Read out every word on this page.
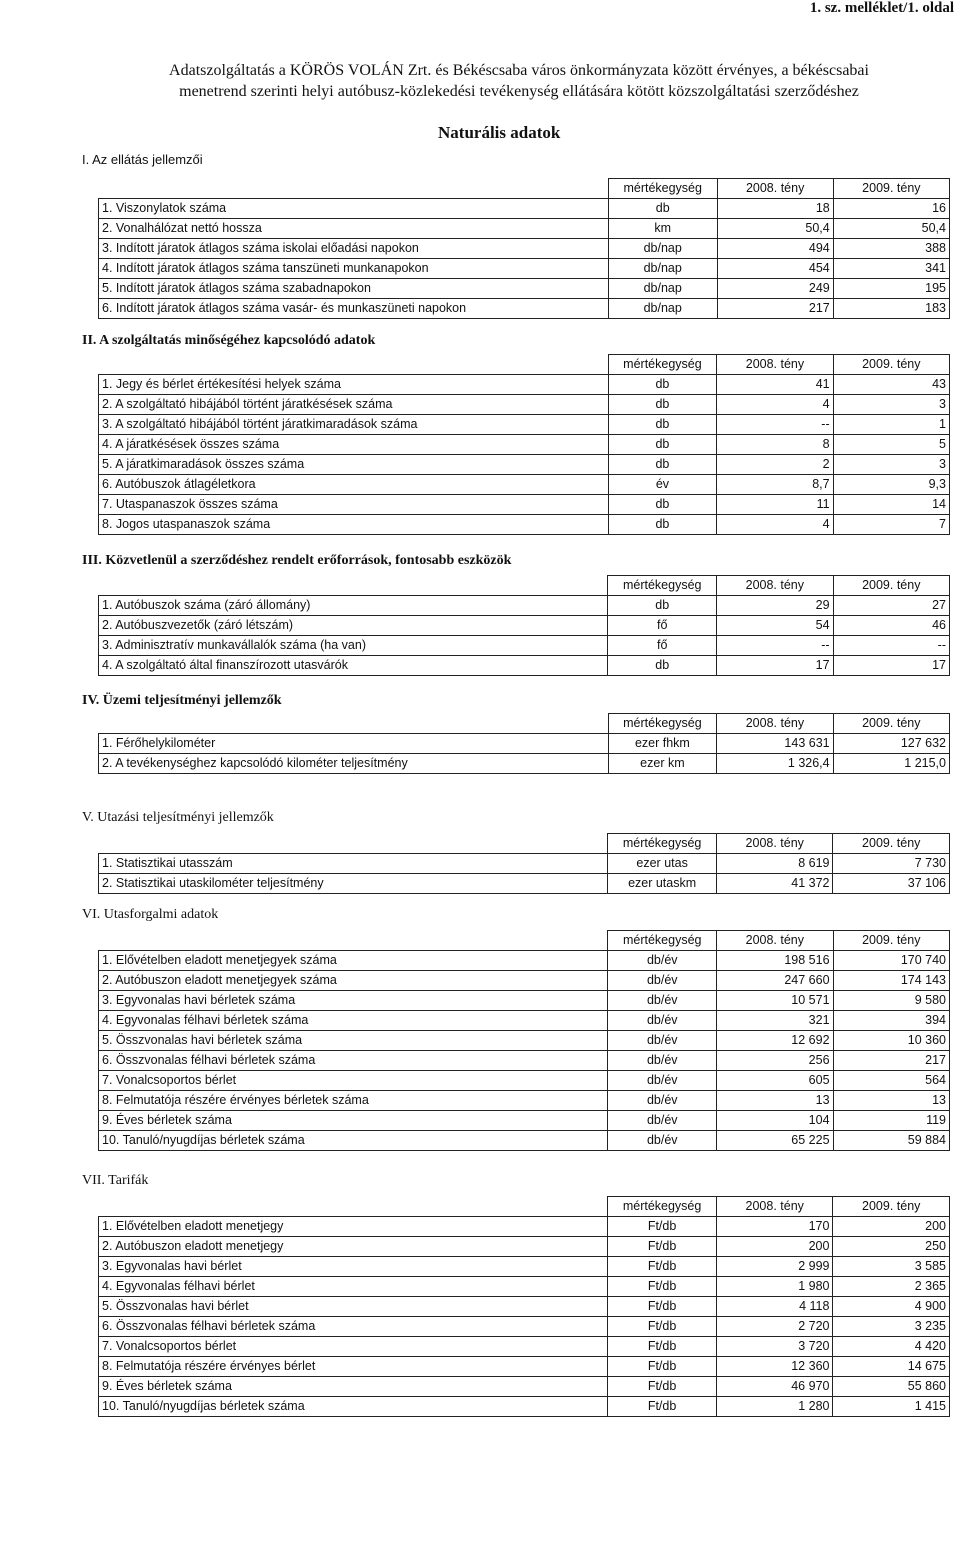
1. sz. melléklet/1. oldal
Adatszolgáltatás a KÖRÖS VOLÁN Zrt. és Békéscsaba város önkormányzata között érvényes, a békéscsabai
menetrend szerinti helyi autóbusz-közlekedési tevékenység ellátására kötött közszolgáltatási szerződéshez
Naturális adatok
I. Az ellátás jellemzői
	mértékegység	2008. tény	2009. tény
1. Viszonylatok száma	db	18	16
2. Vonalhálózat nettó hossza	km	50,4	50,4
3. Indított járatok átlagos száma iskolai előadási napokon	db/nap	494	388
4. Indított járatok átlagos száma tanszüneti munkanapokon	db/nap	454	341
5. Indított járatok átlagos száma szabadnapokon	db/nap	249	195
6. Indított járatok átlagos száma vasár- és munkaszüneti napokon	db/nap	217	183
II. A szolgáltatás minőségéhez kapcsolódó adatok
	mértékegység	2008. tény	2009. tény
1. Jegy és bérlet értékesítési helyek száma	db	41	43
2. A szolgáltató hibájából történt járatkésések száma	db	4	3
3. A szolgáltató hibájából történt járatkimaradások száma	db	--	1
4. A járatkésések összes száma	db	8	5
5. A járatkimaradások összes száma	db	2	3
6. Autóbuszok átlagéletkora	év	8,7	9,3
7. Utaspanaszok összes száma	db	11	14
8. Jogos utaspanaszok száma	db	4	7
III. Közvetlenül a szerződéshez rendelt erőforrások, fontosabb eszközök
	mértékegység	2008. tény	2009. tény
1. Autóbuszok száma (záró állomány)	db	29	27
2. Autóbuszvezetők (záró létszám)	fő	54	46
3. Adminisztratív munkavállalók száma (ha van)	fő	--	--
4. A szolgáltató által finanszírozott utasvárók	db	17	17
IV. Üzemi teljesítményi jellemzők
	mértékegység	2008. tény	2009. tény
1. Férőhelykilométer	ezer fhkm	143 631	127 632
2. A tevékenységhez kapcsolódó kilométer teljesítmény	ezer km	1 326,4	1 215,0
V. Utazási teljesítményi jellemzők
	mértékegység	2008. tény	2009. tény
1. Statisztikai utasszám	ezer utas	8 619	7 730
2. Statisztikai utaskilométer teljesítmény	ezer utaskm	41 372	37 106
VI. Utasforgalmi adatok
	mértékegység	2008. tény	2009. tény
1. Elővételben eladott menetjegyek száma	db/év	198 516	170 740
2. Autóbuszon eladott menetjegyek száma	db/év	247 660	174 143
3. Egyvonalas havi bérletek száma	db/év	10 571	9 580
4. Egyvonalas félhavi bérletek száma	db/év	321	394
5. Összvonalas havi bérletek száma	db/év	12 692	10 360
6. Összvonalas félhavi bérletek száma	db/év	256	217
7. Vonalcsoportos bérlet	db/év	605	564
8. Felmutatója részére érvényes bérletek száma	db/év	13	13
9. Éves bérletek száma	db/év	104	119
10. Tanuló/nyugdíjas bérletek száma	db/év	65 225	59 884
VII. Tarifák
	mértékegység	2008. tény	2009. tény
1. Elővételben eladott menetjegy	Ft/db	170	200
2. Autóbuszon eladott menetjegy	Ft/db	200	250
3. Egyvonalas havi bérlet	Ft/db	2 999	3 585
4. Egyvonalas félhavi bérlet	Ft/db	1 980	2 365
5. Összvonalas havi bérlet	Ft/db	4 118	4 900
6. Összvonalas félhavi bérletek száma	Ft/db	2 720	3 235
7. Vonalcsoportos bérlet	Ft/db	3 720	4 420
8. Felmutatója részére érvényes bérlet	Ft/db	12 360	14 675
9. Éves bérletek száma	Ft/db	46 970	55 860
10. Tanuló/nyugdíjas bérletek száma	Ft/db	1 280	1 415
